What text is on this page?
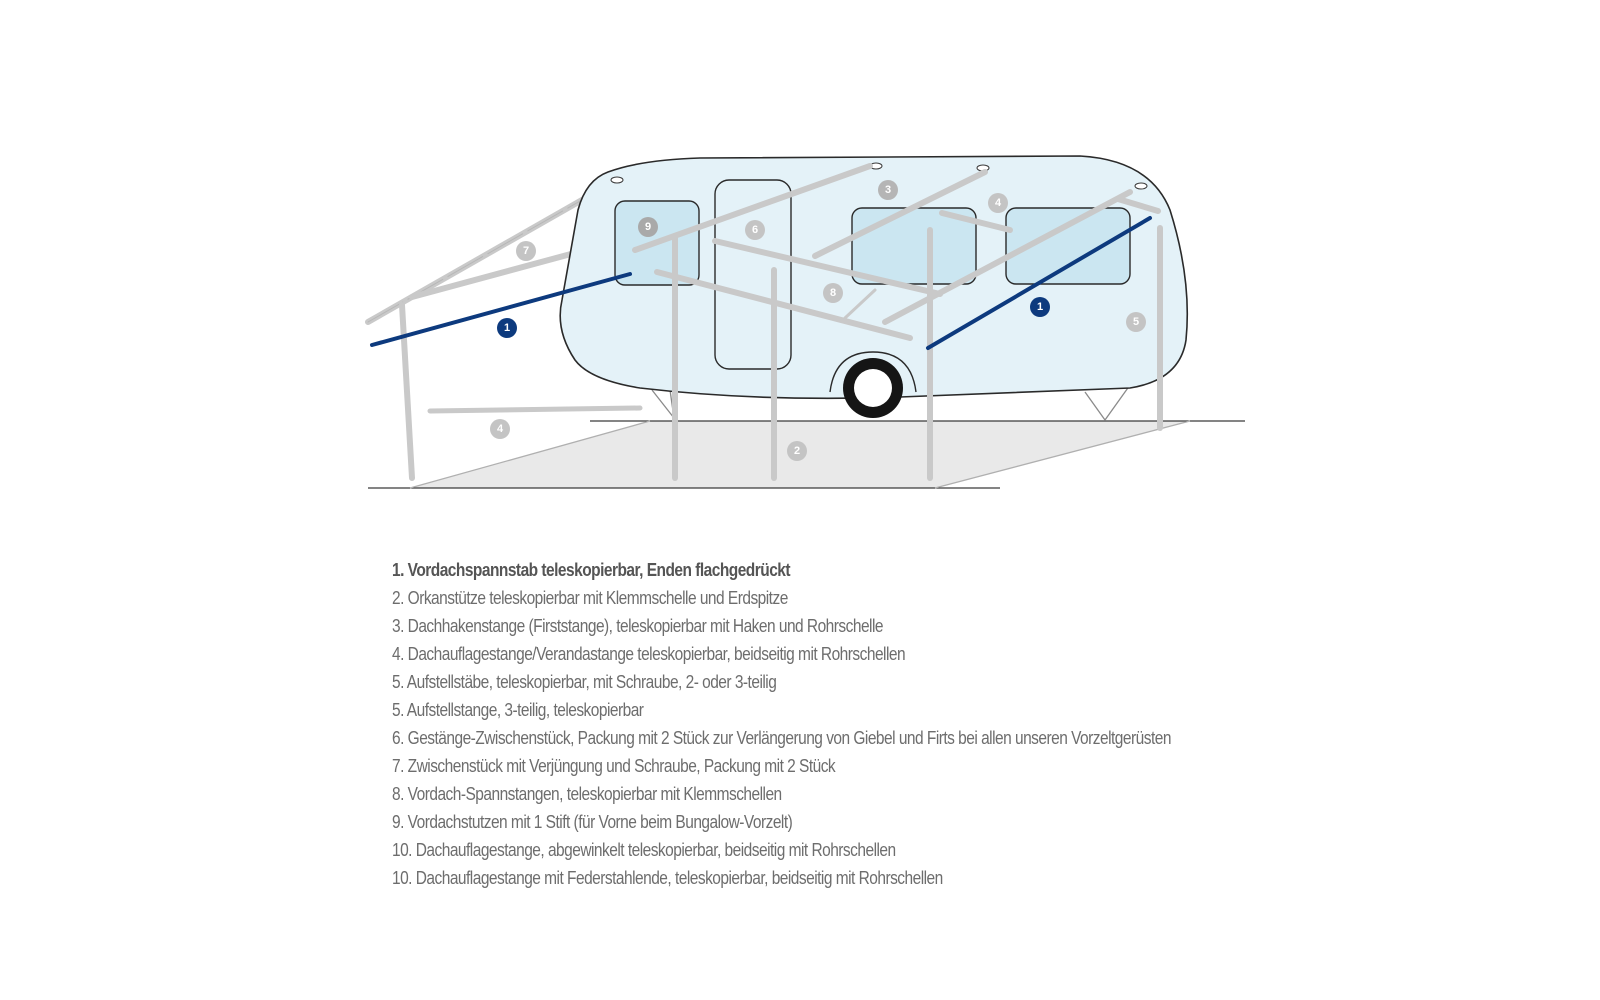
1
1
2
3
4
4
5
6
7
8
9
1. Vordachspannstab teleskopierbar, Enden flachgedrückt
2. Orkanstütze teleskopierbar mit Klemmschelle und Erdspitze
3. Dachhakenstange (Firststange), teleskopierbar mit Haken und Rohrschelle
4. Dachauflagestange/Verandastange teleskopierbar, beidseitig mit Rohrschellen
5. Aufstellstäbe, teleskopierbar, mit Schraube, 2- oder 3-teilig
5. Aufstellstange, 3-teilig, teleskopierbar
6. Gestänge-Zwischenstück, Packung mit 2 Stück zur Verlängerung von Giebel und Firts bei allen unseren Vorzeltgerüsten
7. Zwischenstück mit Verjüngung und Schraube, Packung mit 2 Stück
8. Vordach-Spannstangen, teleskopierbar mit Klemmschellen
9. Vordachstutzen mit 1 Stift (für Vorne beim Bungalow-Vorzelt)
10. Dachauflagestange, abgewinkelt teleskopierbar, beidseitig mit Rohrschellen
10. Dachauflagestange mit Federstahlende, teleskopierbar, beidseitig mit Rohrschellen
